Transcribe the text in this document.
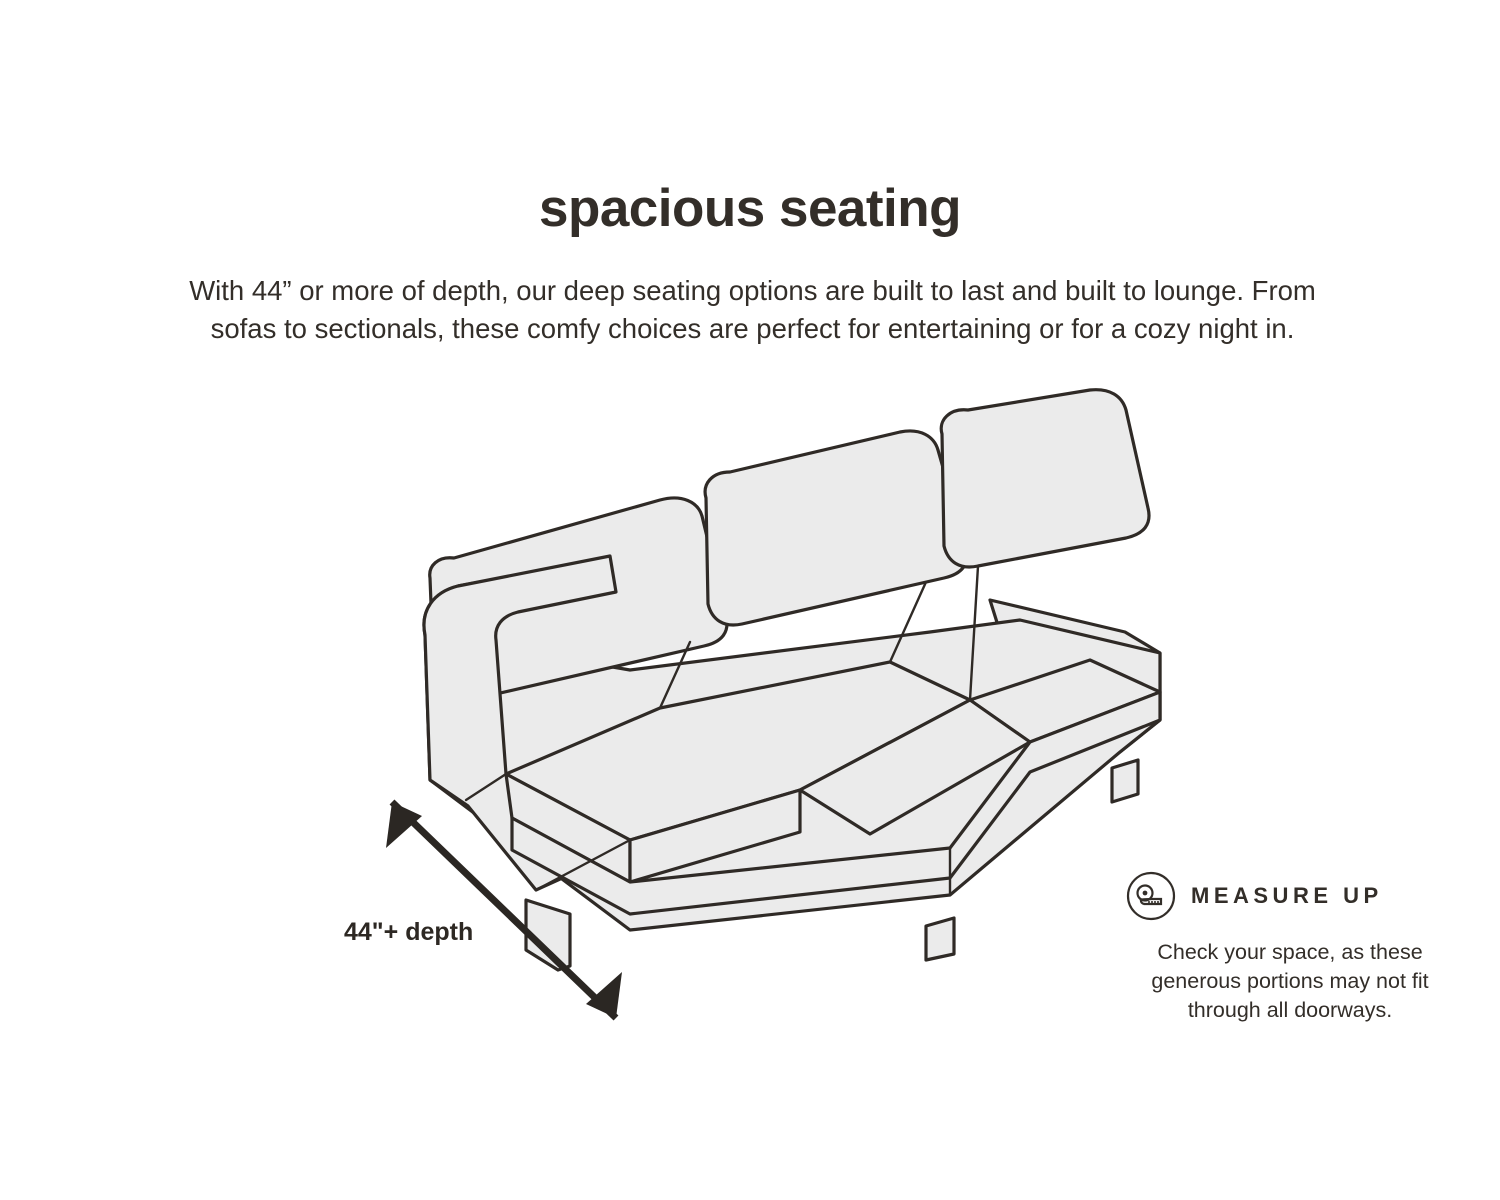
spacious seating
With 44” or more of depth, our deep seating options are built to last and built to lounge. From sofas to sectionals, these comfy choices are perfect for entertaining or for a cozy night in.
44"+ depth
MEASURE UP
Check your space, as these generous portions may not fit through all doorways.
